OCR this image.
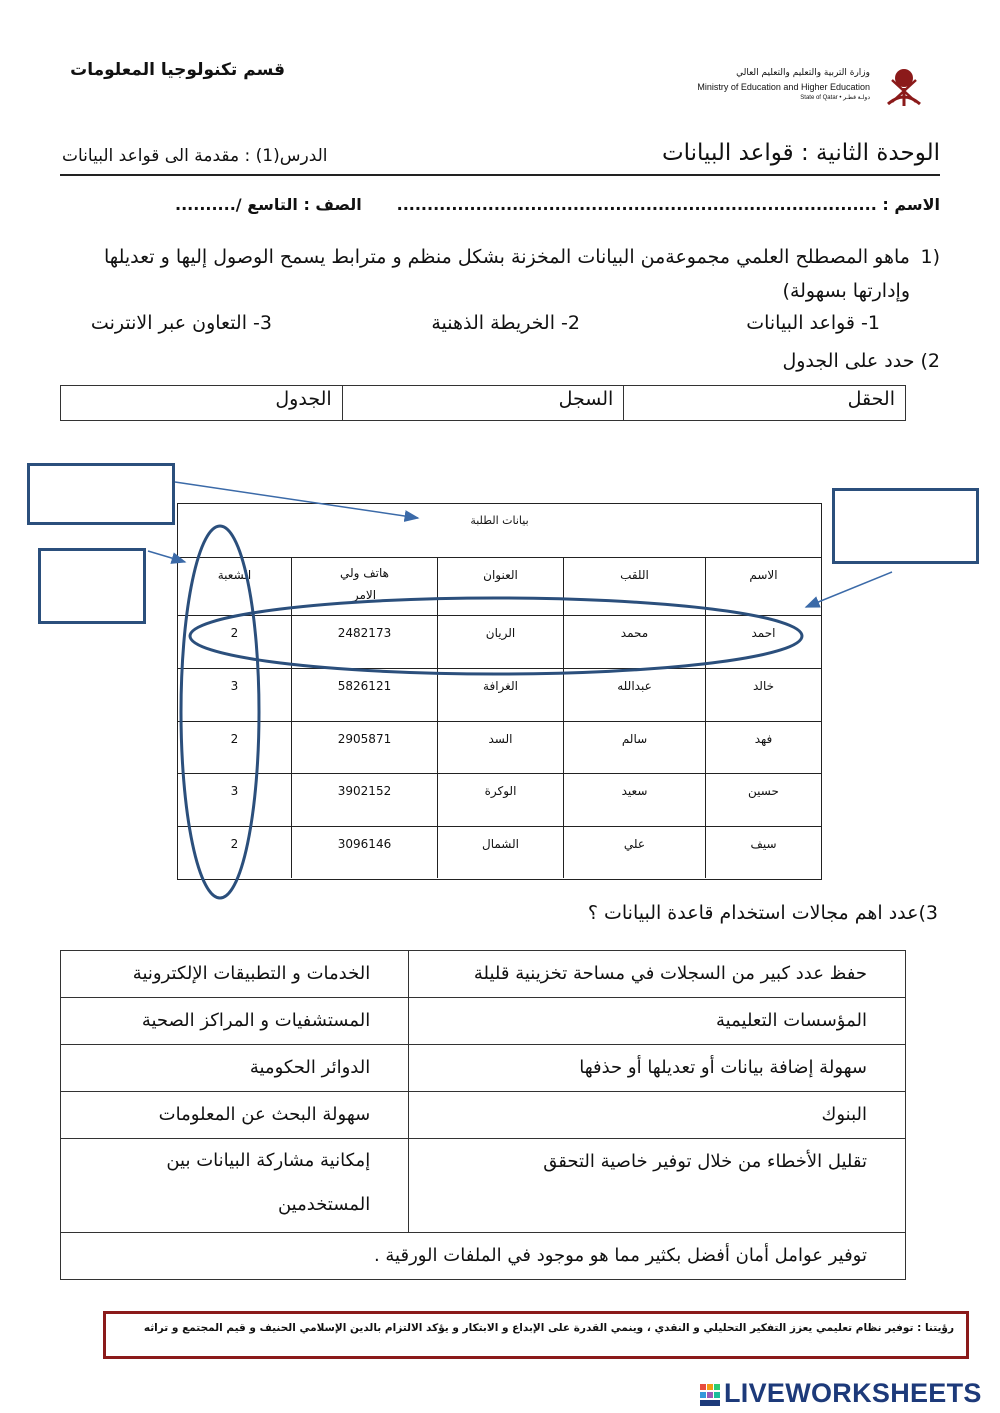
قسم تكنولوجيا المعلومات	وزارة التربية والتعليم والتعليم العالي
Ministry of Education and Higher Education
State of Qatar • دولـة قطـر
الوحدة الثانية : قواعد البيانات
الدرس(1) : مقدمة الى قواعد البيانات
الاسم : ...............................................................................
الصف : التاسع /..........
1)
ماهو المصطلح العلمي مجموعةمن البيانات المخزنة بشكل منظم و مترابط يسمح الوصول إليها و تعديلها وإدارتها بسهولة)
1- قواعد البيانات
2- الخريطة الذهنية
3- التعاون عبر الانترنت
2) حدد على الجدول
الحقل
السجل
الجدول
بيانات الطلبة
الاسم
اللقب
العنوان
هاتف ولي الامر
الشعبة
احمد
محمد
الريان
2482173
2
خالد
عبدالله
الغرافة
5826121
3
فهد
سالم
السد
2905871
2
حسين
سعيد
الوكرة
3902152
3
سيف
علي
الشمال
3096146
2
3)عدد اهم مجالات استخدام قاعدة البيانات ؟
حفظ عدد كبير من السجلات في مساحة تخزينية قليلة
الخدمات و التطبيقات الإلكترونية
المؤسسات التعليمية
المستشفيات و المراكز الصحية
سهولة إضافة بيانات أو تعديلها أو حذفها
الدوائر الحكومية
البنوك
سهولة البحث عن المعلومات
تقليل الأخطاء من خلال توفير خاصية التحقق
إمكانية مشاركة البيانات بين المستخدمين
توفير عوامل أمان أفضل بكثير مما هو موجود في الملفات الورقية .
رؤيتنا : توفير نظام تعليمي يعزز التفكير التحليلي و النقدي ، وينمي القدرة على الإبداع و الابتكار و يؤكد الالتزام بالدين الإسلامي الحنيف و قيم المجتمع و تراثه
LIVEWORKSHEETS
